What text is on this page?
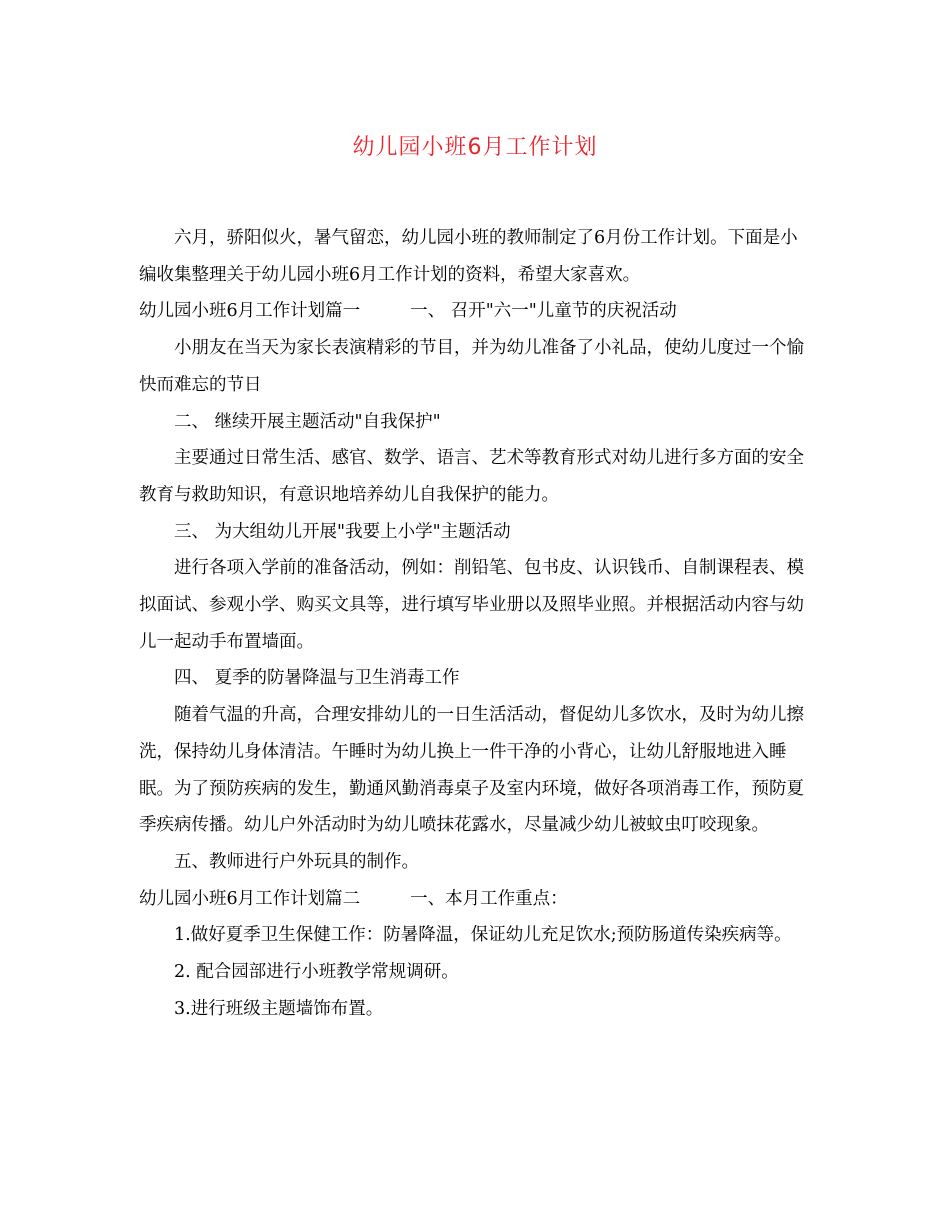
幼儿园小班6月工作计划

六月，骄阳似火，暑气留恋，幼儿园小班的教师制定了6月份工作计划。下面是小编收集整理关于幼儿园小班6月工作计划的资料，希望大家喜欢。

幼儿园小班6月工作计划篇一	一、 召开"六一"儿童节的庆祝活动

小朋友在当天为家长表演精彩的节目，并为幼儿准备了小礼品，使幼儿度过一个愉快而难忘的节日

二、 继续开展主题活动"自我保护"

主要通过日常生活、感官、数学、语言、艺术等教育形式对幼儿进行多方面的安全教育与救助知识，有意识地培养幼儿自我保护的能力。

三、 为大组幼儿开展"我要上小学"主题活动

进行各项入学前的准备活动，例如：削铅笔、包书皮、认识钱币、自制课程表、模拟面试、参观小学、购买文具等，进行填写毕业册以及照毕业照。并根据活动内容与幼儿一起动手布置墙面。

四、 夏季的防暑降温与卫生消毒工作

随着气温的升高，合理安排幼儿的一日生活活动，督促幼儿多饮水，及时为幼儿擦洗，保持幼儿身体清洁。午睡时为幼儿换上一件干净的小背心，让幼儿舒服地进入睡眠。为了预防疾病的发生，勤通风勤消毒桌子及室内环境，做好各项消毒工作，预防夏季疾病传播。幼儿户外活动时为幼儿喷抹花露水，尽量减少幼儿被蚊虫叮咬现象。

五、教师进行户外玩具的制作。

幼儿园小班6月工作计划篇二	一、本月工作重点：

1.做好夏季卫生保健工作：防暑降温，保证幼儿充足饮水;预防肠道传染疾病等。

2. 配合园部进行小班教学常规调研。

3.进行班级主题墙饰布置。
